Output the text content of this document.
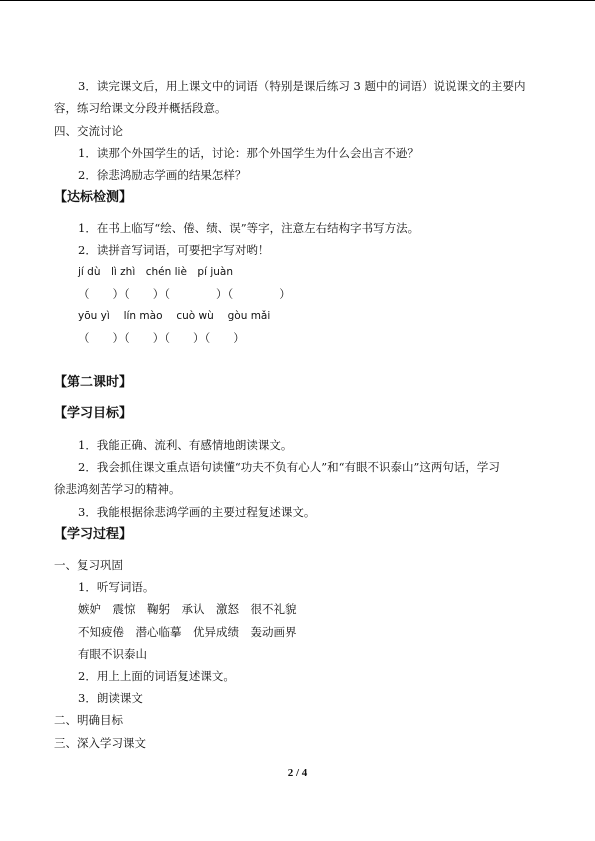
3．读完课文后，用上课文中的词语（特别是课后练习 3 题中的词语）说说课文的主要内
容，练习给课文分段并概括段意。
四、交流讨论
1．读那个外国学生的话，讨论：那个外国学生为什么会出言不逊？
2．徐悲鸿励志学画的结果怎样？
【达标检测】
1．在书上临写“绘、倦、绩、误”等字，注意左右结构字书写方法。
2．读拼音写词语，可要把字写对哟！
jí dù　lì zhì　chén liè　pí juàn
（　　）（　　）（　　　　）（　　　　）
yōu yì　 lín mào　 cuò wù　 gòu mǎi
（　　）（　　）（　　）（　　）
【第二课时】
【学习目标】
1．我能正确、流利、有感情地朗读课文。
2．我会抓住课文重点语句读懂“功夫不负有心人”和“有眼不识泰山”这两句话，学习
徐悲鸿刻苦学习的精神。
3．我能根据徐悲鸿学画的主要过程复述课文。
【学习过程】
一、复习巩固
1．听写词语。
嫉妒　震惊　鞠躬　承认　激怒　很不礼貌
不知疲倦　潜心临摹　优异成绩　轰动画界
有眼不识泰山
2．用上上面的词语复述课文。
3．朗读课文
二、明确目标
三、深入学习课文
2 / 4
